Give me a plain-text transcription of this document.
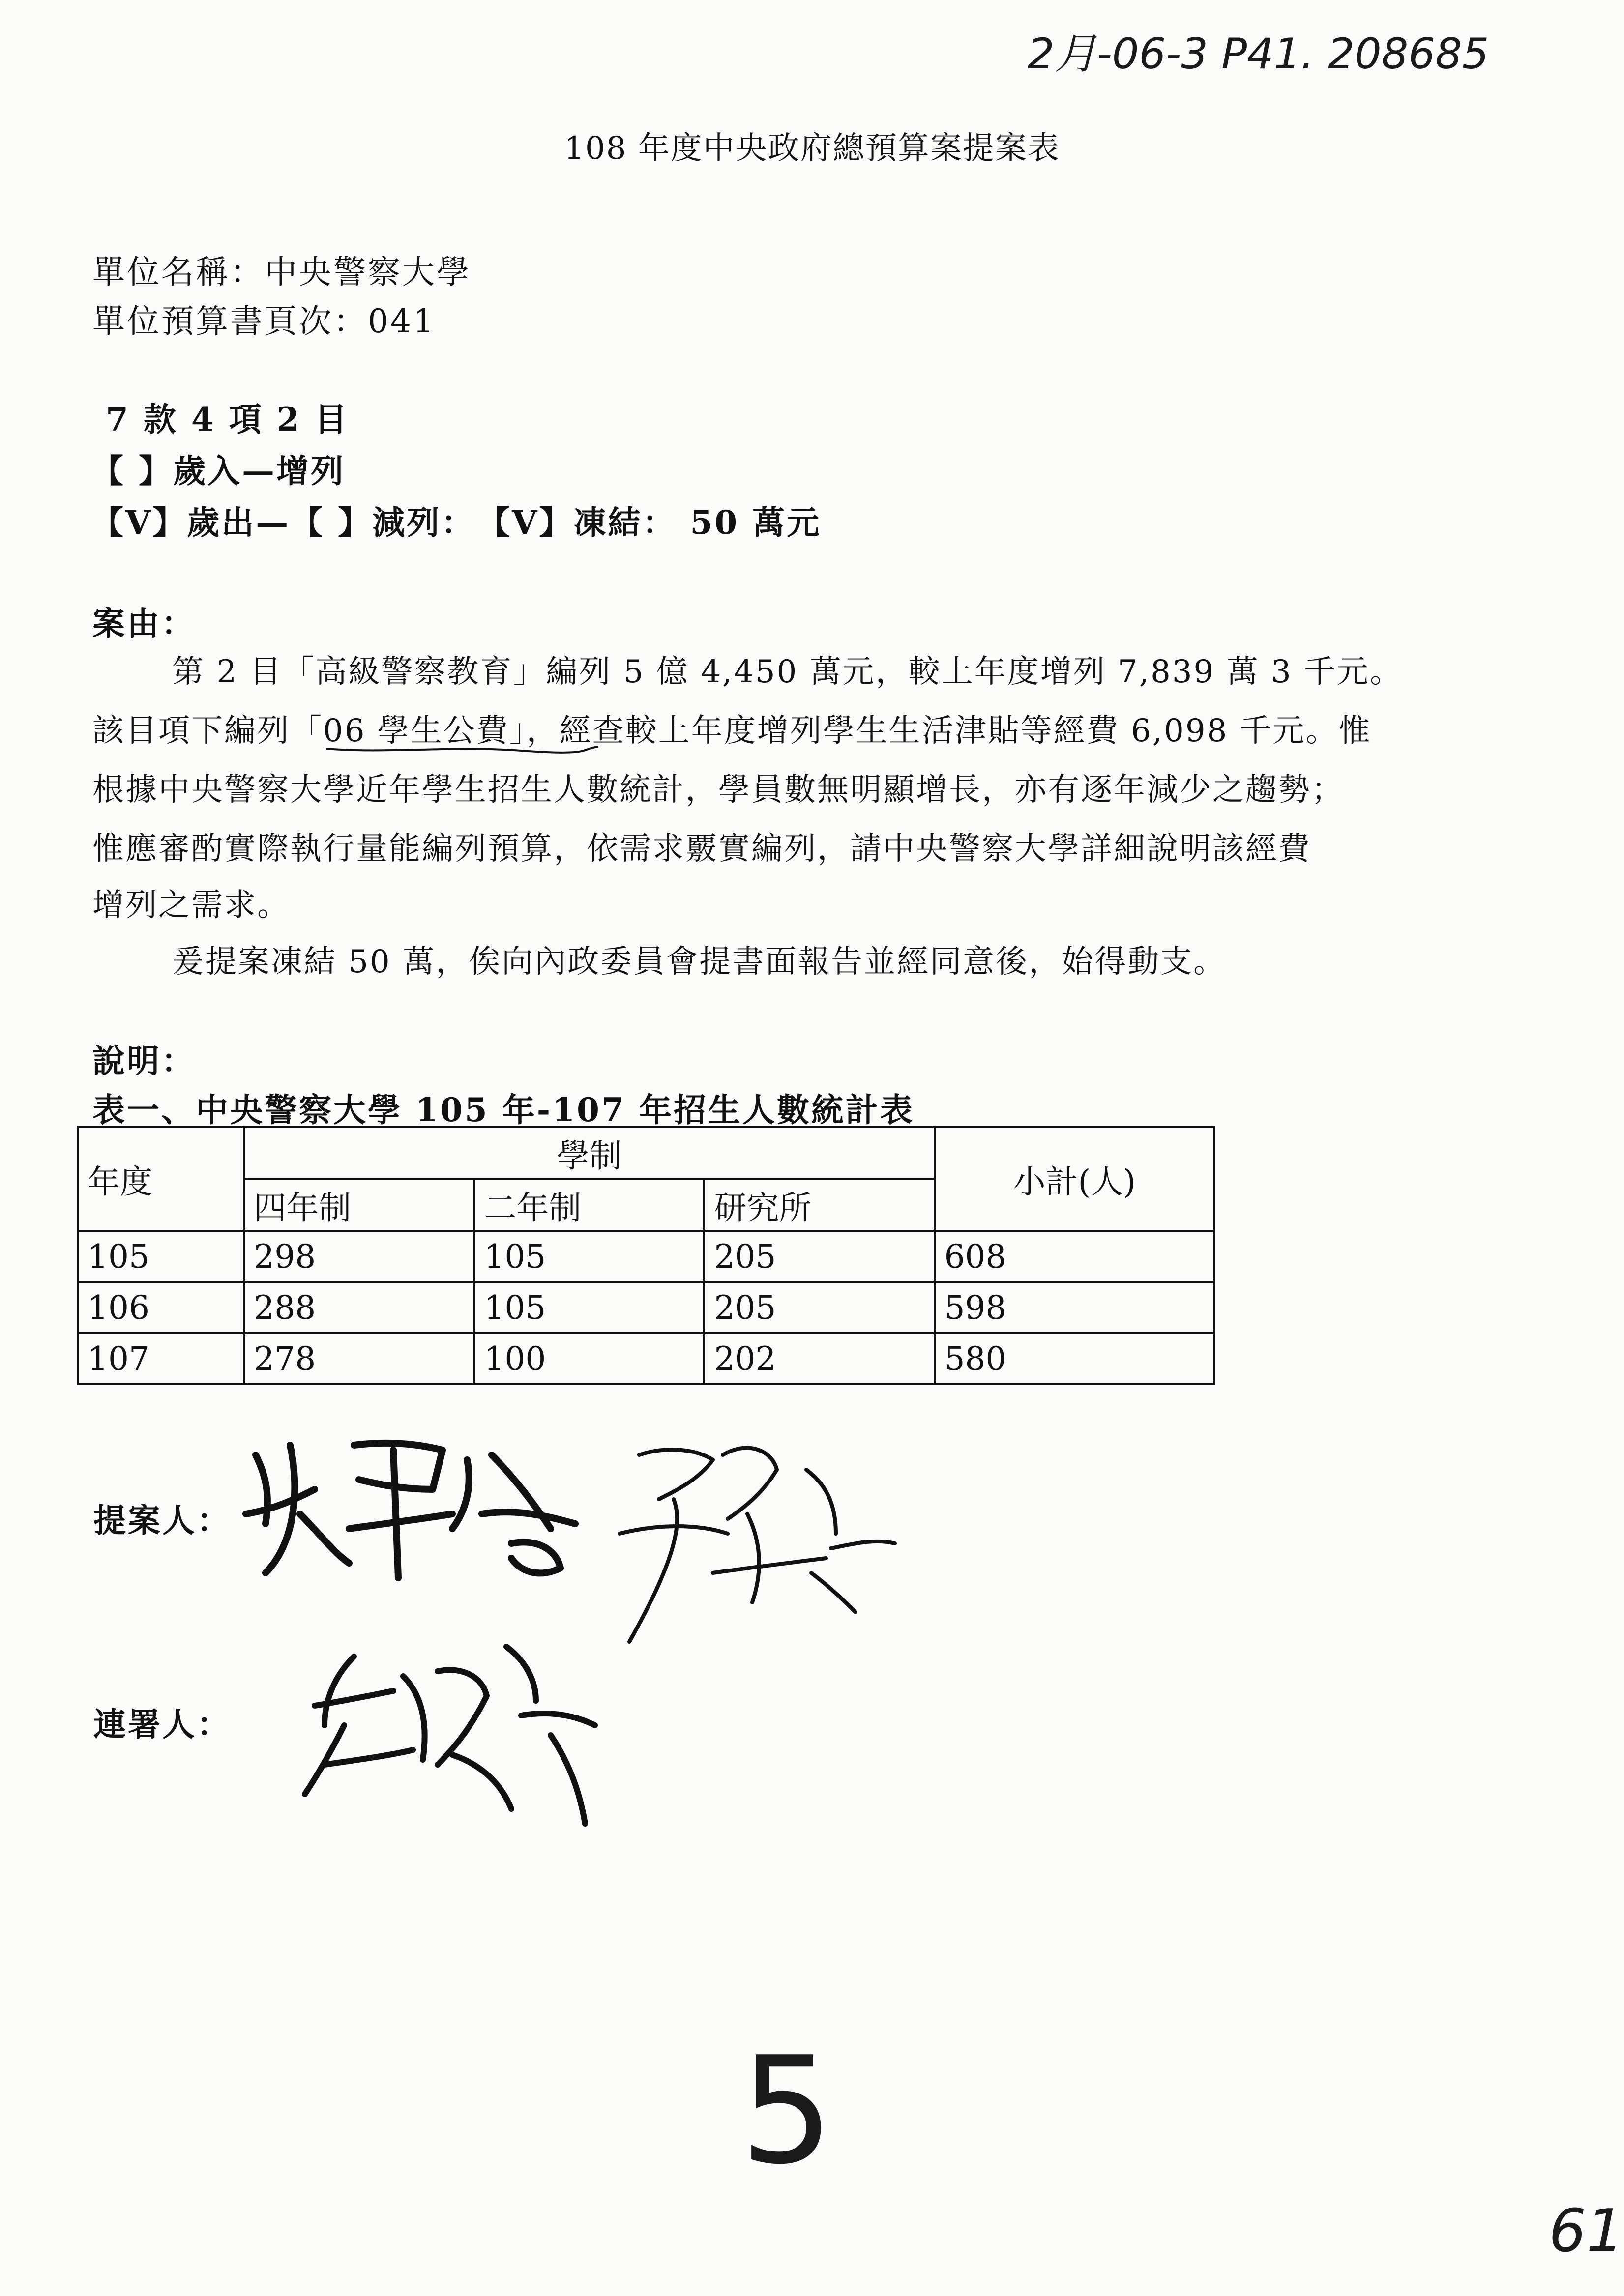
2月-06-3 P41. 208685
108 年度中央政府總預算案提案表
單位名稱：中央警察大學
單位預算書頁次：041
7 款 4 項 2 目
【 】歲入—增列
【V】歲出—【 】減列：　【V】凍結： 50 萬元
案由：
第 2 目「高級警察教育」編列 5 億 4,450 萬元，較上年度增列 7,839 萬 3 千元。
該目項下編列「06 學生公費」，經查較上年度增列學生生活津貼等經費 6,098 千元。惟
根據中央警察大學近年學生招生人數統計，學員數無明顯增長，亦有逐年減少之趨勢；
惟應審酌實際執行量能編列預算，依需求覈實編列，請中央警察大學詳細說明該經費
增列之需求。
爰提案凍結 50 萬，俟向內政委員會提書面報告並經同意後，始得動支。
說明：
表一、中央警察大學 105 年-107 年招生人數統計表
年度	學制			小計(人)
	四年制	二年制	研究所	
105	298	105	205	608
106	288	105	205	598
107	278	100	202	580
提案人：
連署人：
5
61
